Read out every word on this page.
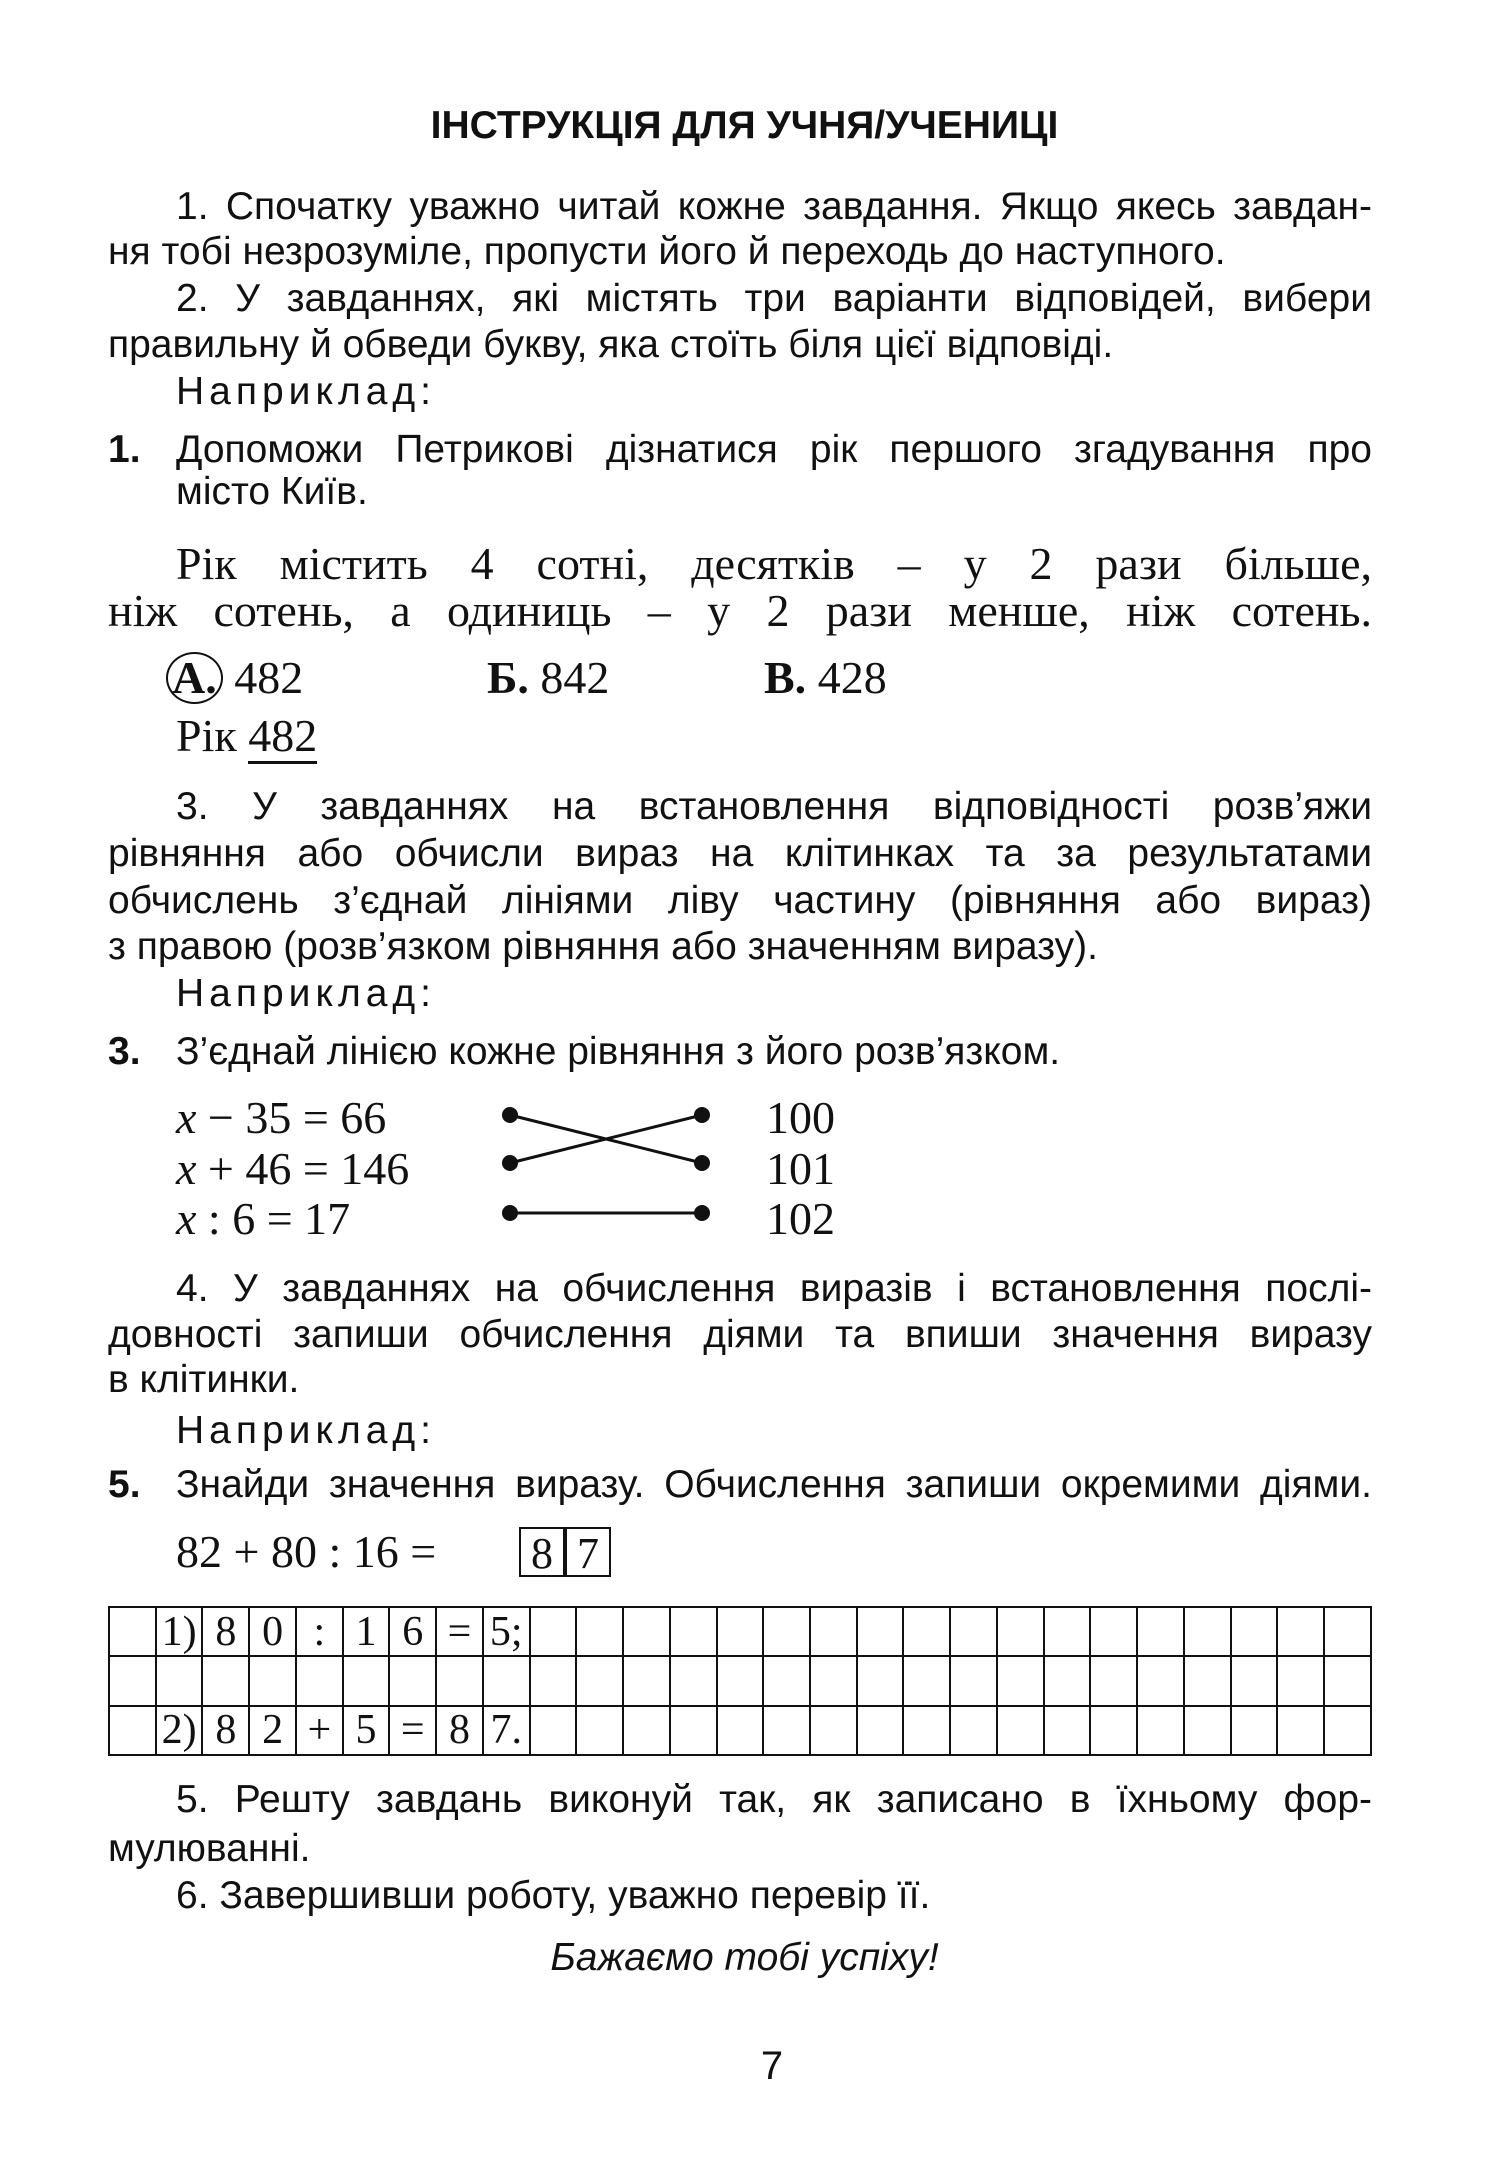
ІНСТРУКЦІЯ ДЛЯ УЧНЯ/УЧЕНИЦІ
1. Спочатку уважно читай кожне завдання. Якщо якесь завдан-
ня тобі незрозуміле, пропусти його й переходь до наступного.
2. У завданнях, які містять три варіанти відповідей, вибери
правильну й обведи букву, яка стоїть біля цієї відповіді.
Наприклад:
1. Допоможи Петрикові дізнатися рік першого згадування про
місто Київ.
Рік містить 4 сотні, десятків – у 2 рази більше,
ніж сотень, а одиниць – у 2 рази менше, ніж сотень.
А. 482	Б. 842	В. 428
Рік 482
3. У завданнях на встановлення відповідності розв’яжи
рівняння або обчисли вираз на клітинках та за результатами
обчислень з’єднай лініями ліву частину (рівняння або вираз)
з правою (розв’язком рівняння або значенням виразу).
Наприклад:
3. З’єднай лінією кожне рівняння з його розв’язком.
x − 35 = 66
x + 46 = 146
x : 6 = 17
100
101
102
4. У завданнях на обчислення виразів і встановлення послі-
довності запиши обчислення діями та впиши значення виразу
в клітинки.
Наприклад:
5. Знайди значення виразу. Обчислення запиши окремими діями.
82 + 80 : 16 = 8 7
	1)	8	0	:	1	6	=	5;																		

	2)	8	2	+	5	=	8	7.																		
5. Решту завдань виконуй так, як записано в їхньому фор-
мулюванні.
6. Завершивши роботу, уважно перевір її.
Бажаємо тобі успіху!
7
